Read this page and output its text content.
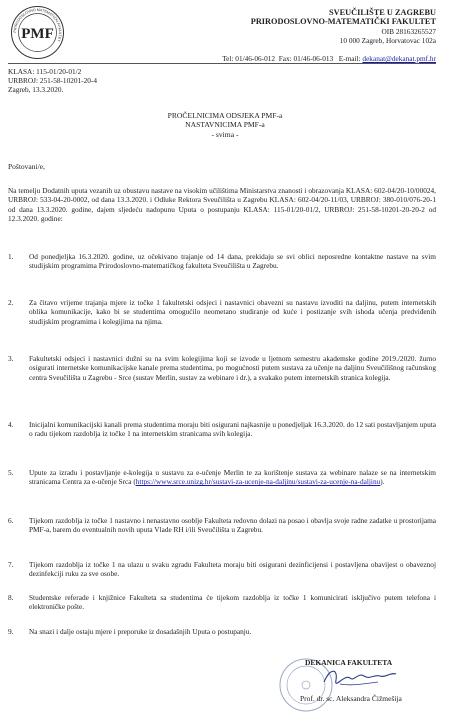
PRIRODOSLOVNO MATEMATIČKI FAKULTET
PMF
SVEUČILIŠTE U ZAGREBU
PRIRODOSLOVNO-MATEMATIČKI FAKULTET
OIB 28163265527
10 000 Zagreb, Horvatovac 102a
Tel: 01/46-06-012 Fax: 01/46-06-013 E-mail: dekanat@dekanat.pmf.hr
KLASA: 115-01/20-01/2
URBROJ: 251-58-10201-20-4
Zagreb, 13.3.2020.
PROČELNICIMA ODSJEKA PMF-a
NASTAVNICIMA PMF-a
- svima -
Poštovani/e,
Na temelju Dodatnih uputa vezanih uz obustavu nastave na visokim učilištima Ministarstva znanosti i obrazovanja KLASA: 602-04/20-10/00024, URBROJ: 533-04-20-0002, od dana 13.3.2020. i Odluke Rektora Sveučilišta u Zagrebu KLASA: 602-04/20-11/03, URBROJ: 380-010/076-20-1 od dana 13.3.2020. godine, dajem sljedeću nadopunu Uputa o postupanju KLASA: 115-01/20-01/2, URBROJ: 251-58-10201-20-20-2 od 12.3.2020. godine:
1. Od ponedjeljka 16.3.2020. godine, uz očekivano trajanje od 14 dana, prekidaju se svi oblici neposredne kontaktne nastave na svim studijskim programima Prirodoslovno-matematičkog fakulteta Sveučilišta u Zagrebu.
2. Za čitavo vrijeme trajanja mjere iz točke 1 fakultetski odsjeci i nastavnici obavezni su nastavu izvoditi na daljinu, putem internetskih oblika komunikacije, kako bi se studentima omogućilo neometano studiranje od kuće i postizanje svih ishoda učenja predviđenih studijskim programima i kolegijima na njima.
3. Fakultetski odsjeci i nastavnici dužni su na svim kolegijima koji se izvode u ljetnom semestru akademske godine 2019./2020. žurno osigurati internetske komunikacijske kanale prema studentima, po mogućnosti putem sustava za učenje na daljinu Sveučilišnog računskog centra Sveučilišta u Zagrebu - Srce (sustav Merlin, sustav za webinare i dr.), a svakako putem internetskih stranica kolegija.
4. Inicijalni komunikacijski kanali prema studentima moraju biti osigurani najkasnije u ponedjeljak 16.3.2020. do 12 sati postavljanjem uputa o radu tijekom razdoblja iz točke 1 na internetskim stranicama svih kolegija.
5. Upute za izradu i postavljanje e-kolegija u sustavu za e-učenje Merlin te za korištenje sustava za webinare nalaze se na internetskim stranicama Centra za e-učenje Srca (https://www.srce.unizg.hr/sustavi-za-ucenje-na-daljinu/sustavi-za-ucenje-na-daljinu).
6. Tijekom razdoblja iz točke 1 nastavno i nenastavno osoblje Fakulteta redovno dolazi na posao i obavlja svoje radne zadatke u prostorijama PMF-a, barem do eventualnih novih uputa Vlade RH i/ili Sveučilišta u Zagrebu.
7. Tijekom razdoblja iz točke 1 na ulazu u svaku zgradu Fakulteta moraju biti osigurani dezinficijensi i postavljena obavijest o obaveznoj dezinfekciji ruku za sve osobe.
8. Studentske referade i knjižnice Fakulteta sa studentima će tijekom razdoblja iz točke 1 komunicirati isključivo putem telefona i elektroničke pošte.
9. Na snazi i dalje ostaju mjere i preporuke iz dosadašnjih Uputa o postupanju.
DEKANICA FAKULTETA
Prof. dr. sc. Aleksandra Čižmešija
